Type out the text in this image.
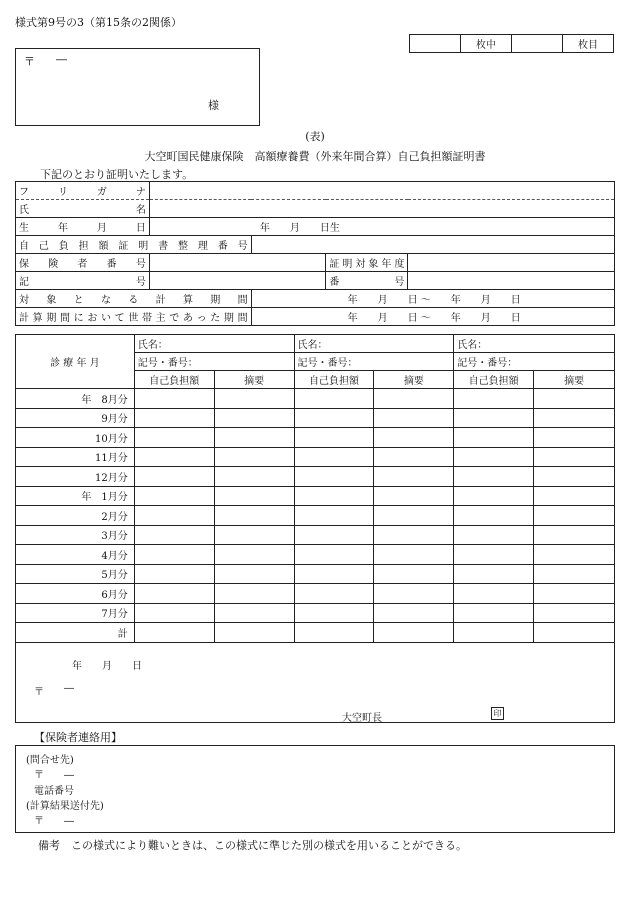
様式第9号の3（第15条の2関係）
	枚中		枚目
〒 ―
様
(表)
大空町国民健康保険　高額療養費（外来年間合算）自己負担額証明書
下記のとおり証明いたします。
フ リ ガ ナ				

氏名				

生年月日	年　　月　　日生			

自己負担額証明書整理番号				

保険者番号			証明対象年度	

記号			番号	

対象となる計算期間		年　　月　　日 ～　　年　　月　　日		

計算期間において世帯主であった期間		年　　月　　日 ～　　年　　月　　日		
診 療 年 月	氏名：		氏名：		氏名：	
	記号・番号：		記号・番号：		記号・番号：	
	自己負担額	摘要	自己負担額	摘要	自己負担額	摘要
年　8月分						
9月分						
10月分						
11月分						
12月分						
年　1月分						
2月分						
3月分						
4月分						
5月分						
6月分						
7月分						
計						
年　　月　　日
〒 ―
大空町長	印
【保険者連絡用】
(問合せ先)
〒　　―
電話番号
(計算結果送付先)
〒　　―
備考　この様式により難いときは、この様式に準じた別の様式を用いることができる。
